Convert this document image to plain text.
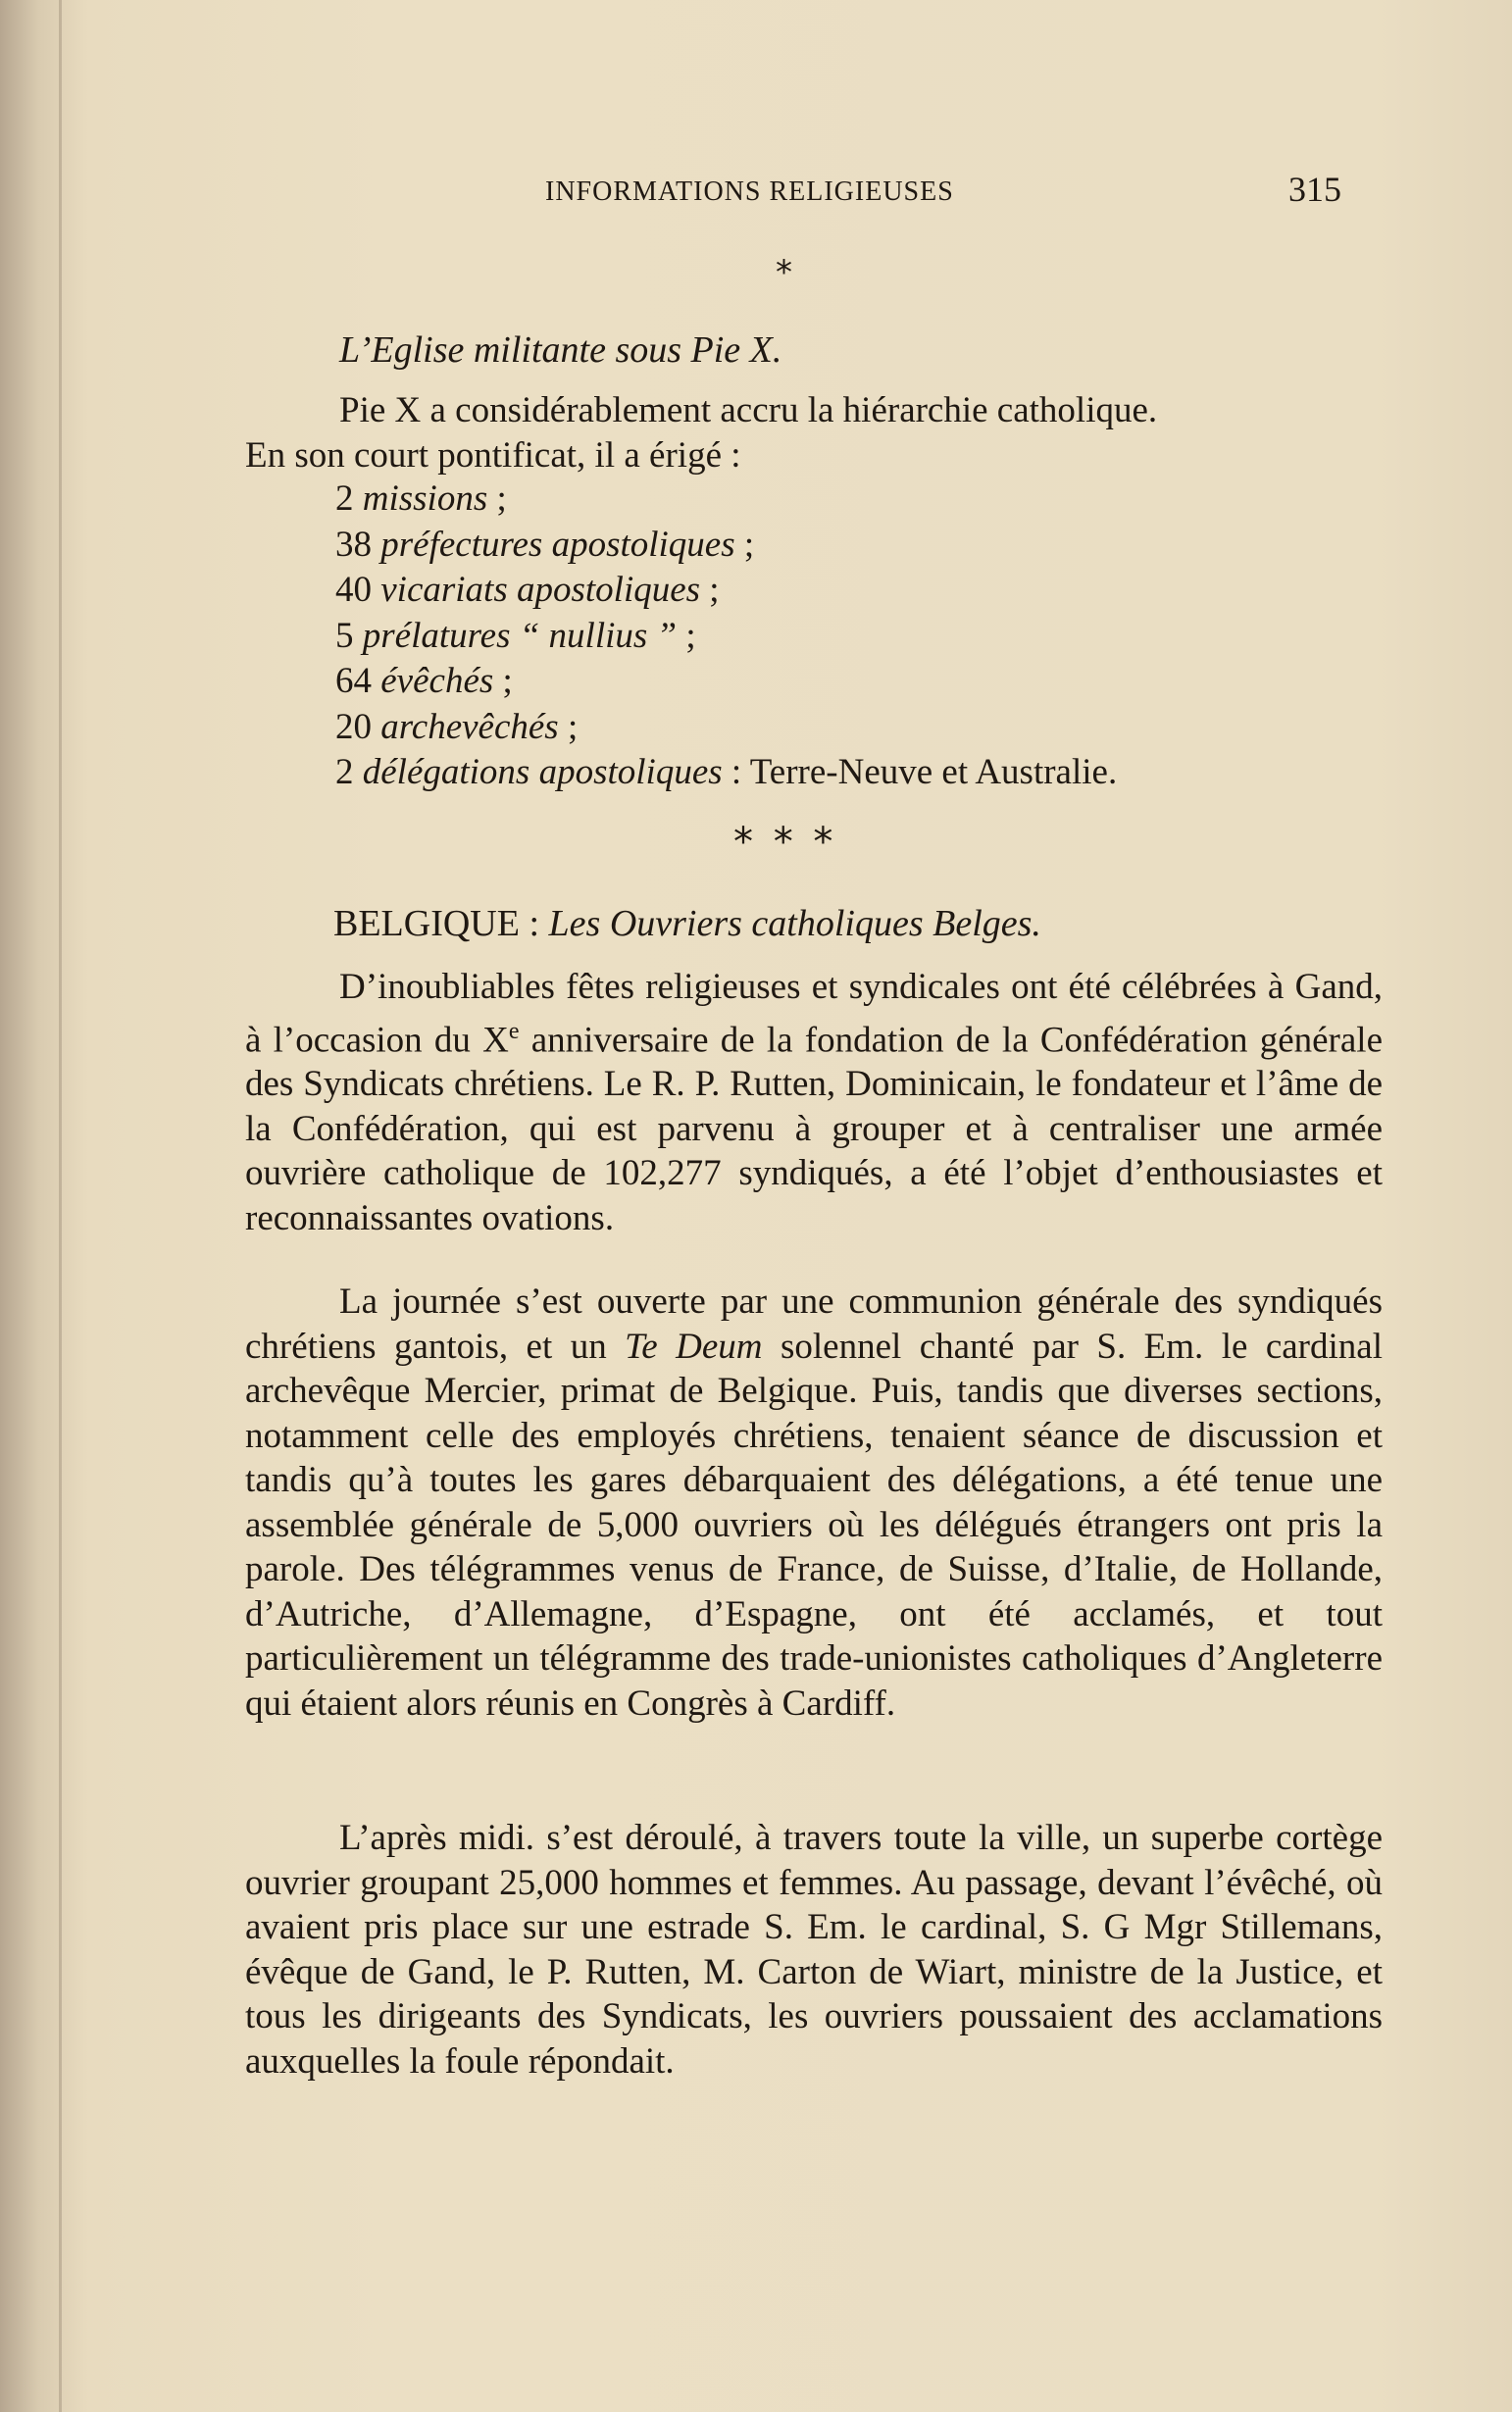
INFORMATIONS RELIGIEUSES	315
*
L’Eglise militante sous Pie X.
Pie X a considérablement accru la hiérarchie catholique.
En son court pontificat, il a érigé :
2 missions ;
38 préfectures apostoliques ;
40 vicariats apostoliques ;
5 prélatures “ nullius ” ;
64 évêchés ;
20 archevêchés ;
2 délégations apostoliques : Terre-Neuve et Australie.
* * *
BELGIQUE : Les Ouvriers catholiques Belges.
D’inoubliables fêtes religieuses et syndicales ont été célébrées à Gand, à l’occasion du Xe anniversaire de la fondation de la Confédération générale des Syndicats chrétiens. Le R. P. Rutten, Dominicain, le fondateur et l’âme de la Confédération, qui est parvenu à grouper et à centraliser une armée ouvrière catholique de 102,277 syndiqués, a été l’objet d’enthousiastes et reconnaissantes ovations.
La journée s’est ouverte par une communion générale des syndiqués chrétiens gantois, et un Te Deum solennel chanté par S. Em. le cardinal archevêque Mercier, primat de Belgique. Puis, tandis que diverses sections, notamment celle des employés chrétiens, tenaient séance de discussion et tandis qu’à toutes les gares débarquaient des délégations, a été tenue une assemblée générale de 5,000 ouvriers où les délégués étrangers ont pris la parole. Des télégrammes venus de France, de Suisse, d’Italie, de Hollande, d’Autriche, d’Allemagne, d’Espagne, ont été acclamés, et tout particulièrement un télégramme des trade-unionistes catholiques d’Angleterre qui étaient alors réunis en Congrès à Cardiff.
L’après midi. s’est déroulé, à travers toute la ville, un superbe cortège ouvrier groupant 25,000 hommes et femmes. Au passage, devant l’évêché, où avaient pris place sur une estrade S. Em. le cardinal, S. G Mgr Stillemans, évêque de Gand, le P. Rutten, M. Carton de Wiart, ministre de la Justice, et tous les dirigeants des Syndicats, les ouvriers poussaient des acclamations auxquelles la foule répondait.
